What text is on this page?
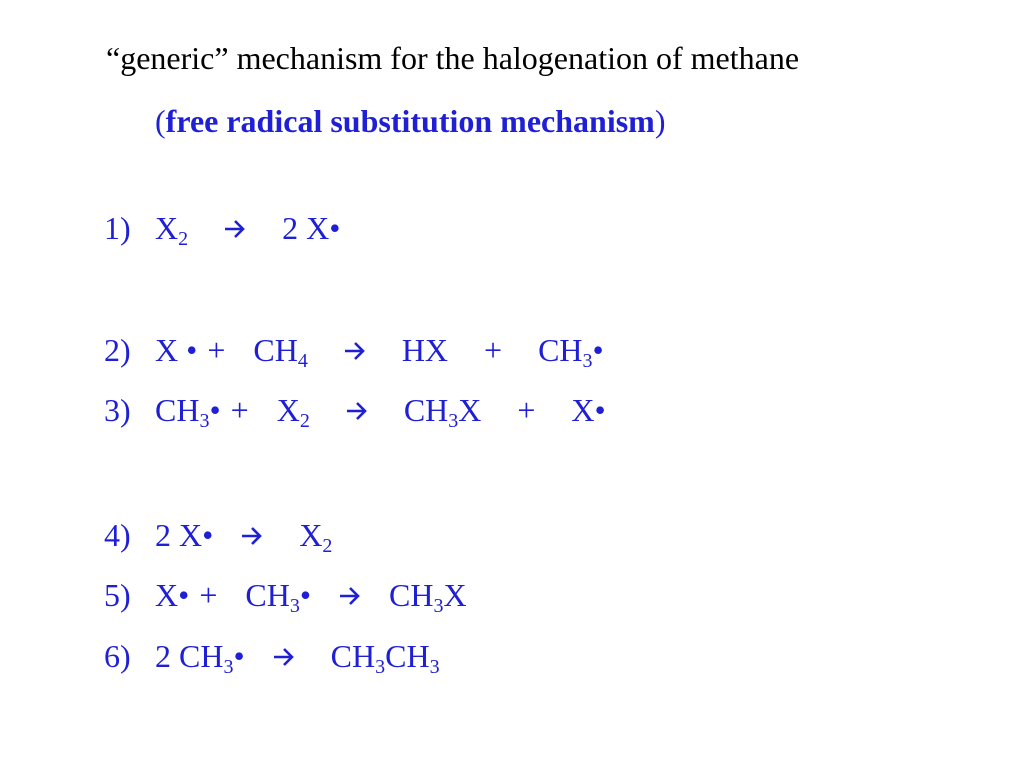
“generic” mechanism for the halogenation of methane
(free radical substitution mechanism)
1) $X_2$	2 X•
2) X • + $CH_4$	HX + $CH_3•$
3) $CH_3• + X_2$	$CH_3X$ + X•
4) 2 X•	$X_2$
5) X• + $CH_3•$ $CH_3X$
6) 2 $CH_3•$	$CH_3CH_3$
